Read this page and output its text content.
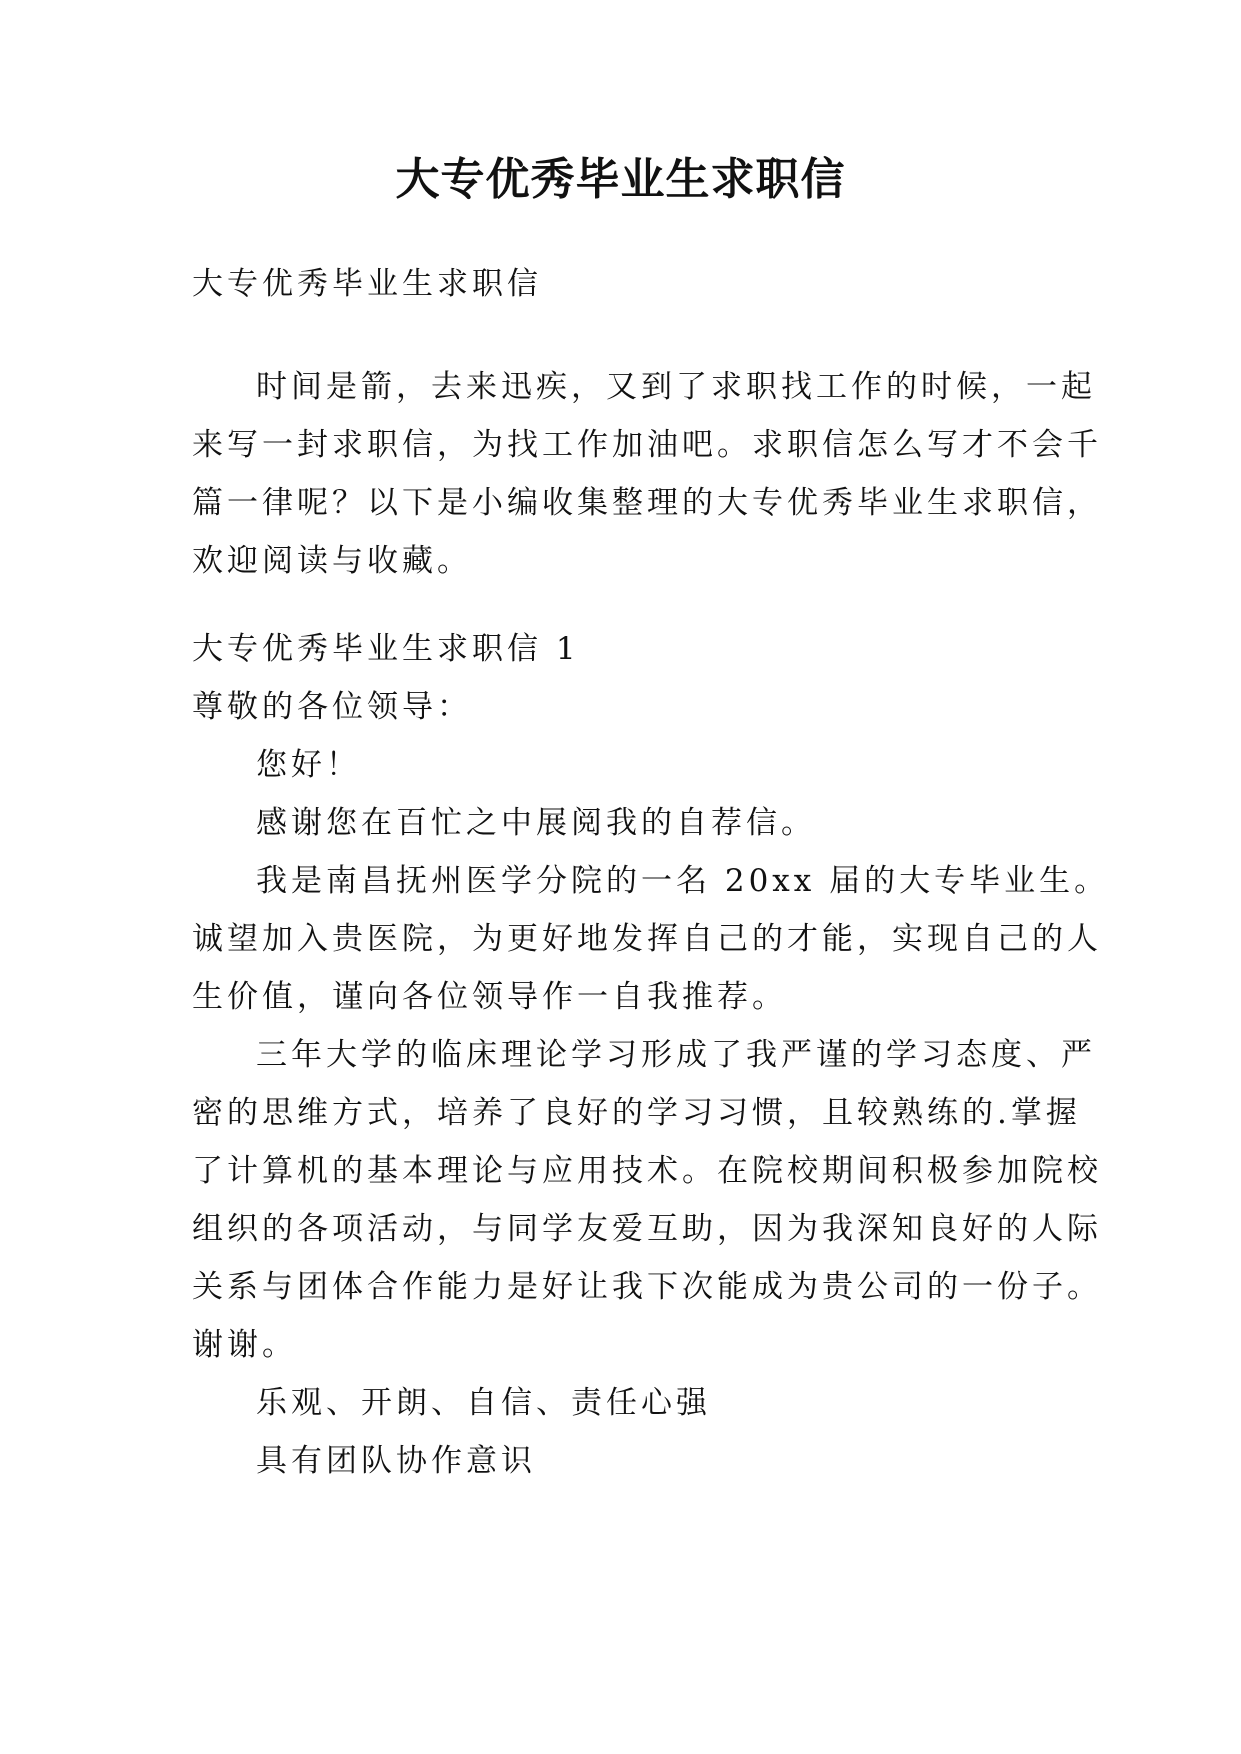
大专优秀毕业生求职信
大专优秀毕业生求职信
时间是箭，去来迅疾，又到了求职找工作的时候，一起
来写一封求职信，为找工作加油吧。求职信怎么写才不会千
篇一律呢？以下是小编收集整理的大专优秀毕业生求职信，
欢迎阅读与收藏。
大专优秀毕业生求职信 1
尊敬的各位领导：
您好！
感谢您在百忙之中展阅我的自荐信。
我是南昌抚州医学分院的一名 20xx 届的大专毕业生。
诚望加入贵医院，为更好地发挥自己的才能，实现自己的人
生价值，谨向各位领导作一自我推荐。
三年大学的临床理论学习形成了我严谨的学习态度、严
密的思维方式，培养了良好的学习习惯，且较熟练的.掌握
了计算机的基本理论与应用技术。在院校期间积极参加院校
组织的各项活动，与同学友爱互助，因为我深知良好的人际
关系与团体合作能力是好让我下次能成为贵公司的一份子。
谢谢。
乐观、开朗、自信、责任心强
具有团队协作意识
